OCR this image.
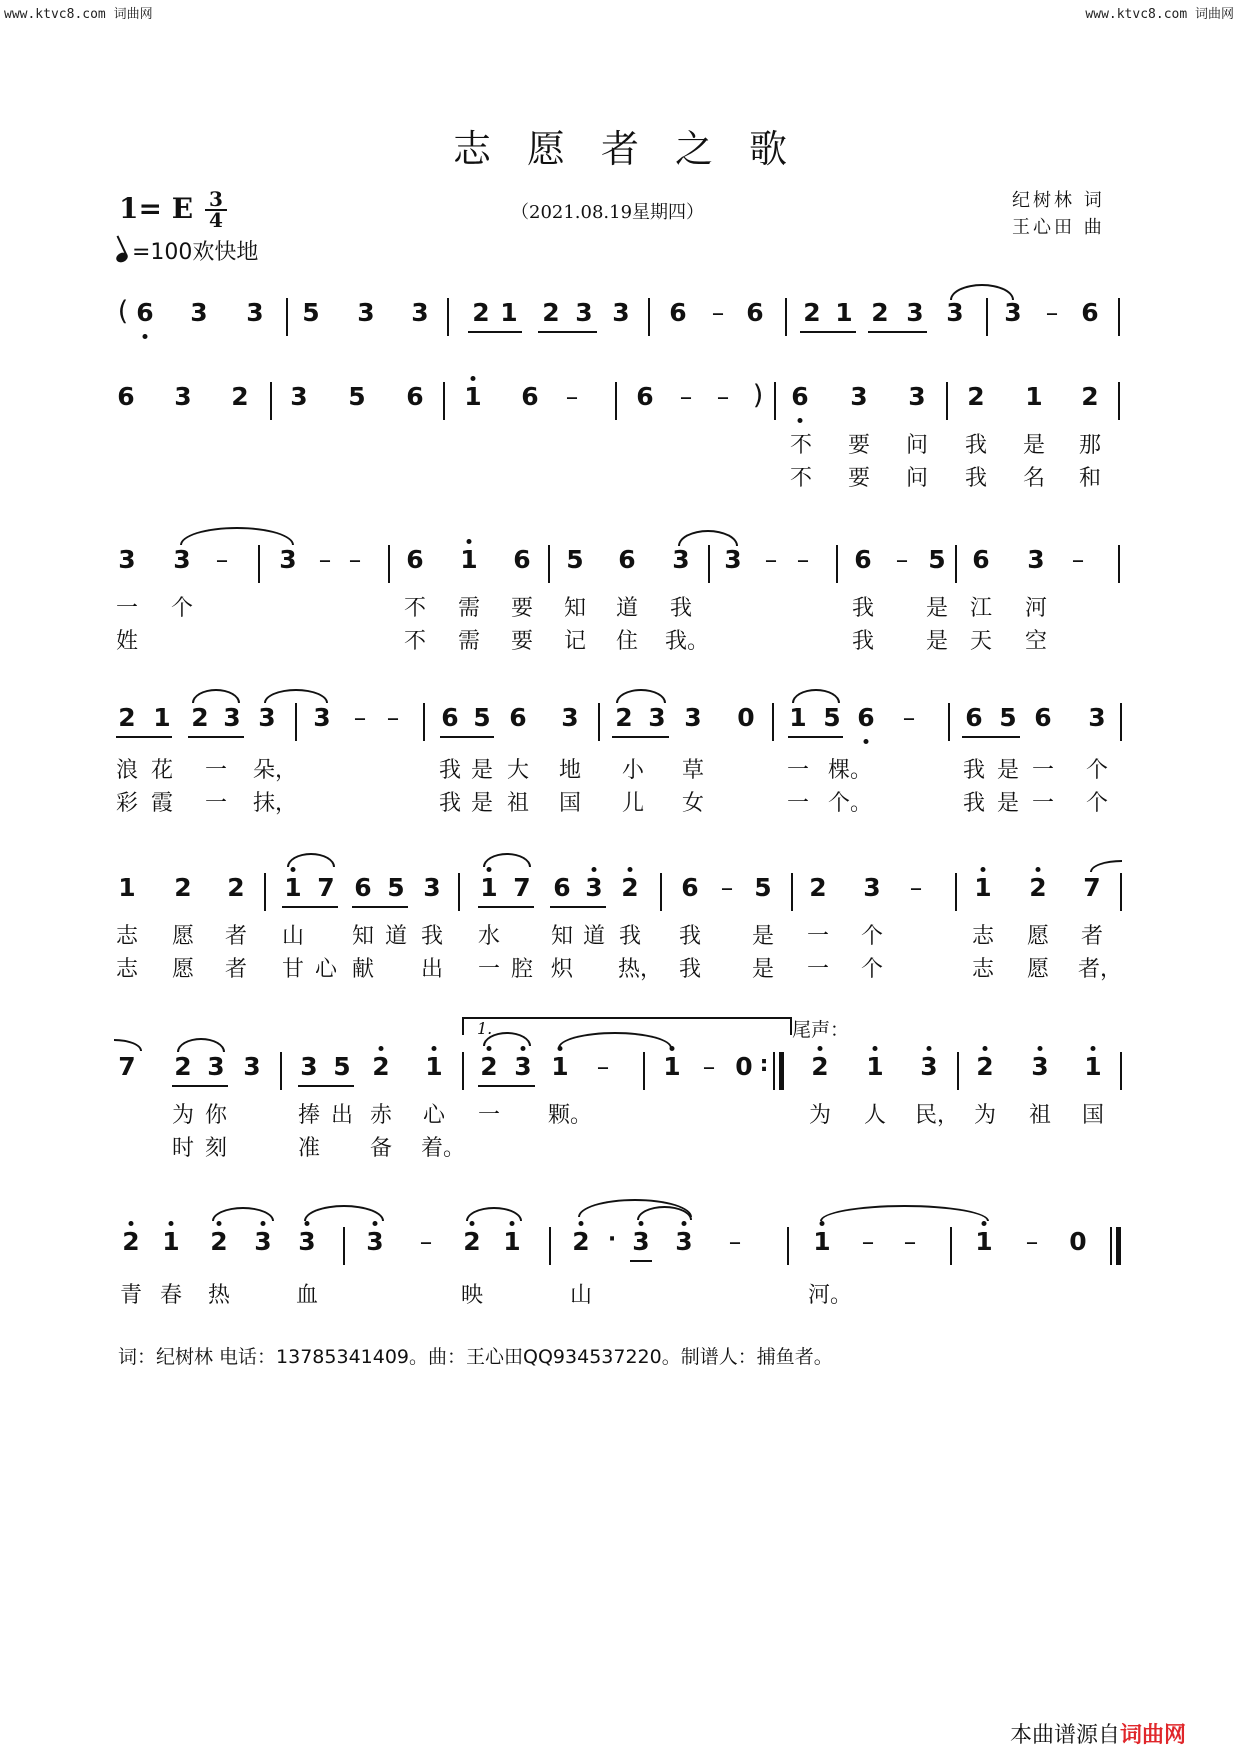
www.ktvc8.com 词曲网	www.ktvc8.com 词曲网
志愿者之歌
1= E $\frac{3}{4}$
=100欢快地
（2021.08.19星期四）
纪树林 词
王心田 曲
( 6 3 3 5 3 3 2 1 2 3 3 6 – 6 2 1 2 3 3 3 – 6
6 3 2 3 5 6 1 6 – 6 – – ) 6 3 3 2 1 2
不 要 问 我 是 那
不 要 问 我 名 和
3 3 – 3 – – 6 1 6 5 6 3 3 – – 6 – 5 6 3 –
一 个	不 需 要 知 道 我	我 是 江 河
姓	不 需 要 记 住 我。	我 是 天 空
2 1 2 3 3 3 – – 6 5 6 3 2 3 3 0 1 5 6 – 6 5 6 3
浪 花 一 朵，	我 是 大 地 小 草	一 棵。	我 是 一 个
彩 霞 一 抹，	我 是 祖 国 儿 女	一 个。	我 是 一 个
1 2 2 1 7 6 5 3 1 7 6 3 2 6 – 5 2 3 – 1 2 7
志 愿 者 山 知 道 我 水 知 道 我 我 是 一 个	志 愿 者
志 愿 者 甘 心 献 出 一 腔 炽 热， 我 是 一 个	志 愿 者，
1.	尾声：
7 2 3 3 3 5 2 1 2 3 1 – 1 – 0 : 2 1 3 2 3 1
为 你	捧 出 赤 心 一 颗。	为 人 民， 为 祖 国
时 刻	准 备 着。
2 1 2 3 3 3 – 2 1 2 · 3 3 –	1 – – 1 – 0
青 春 热	血	映	山	河。
词：纪树林 电话：13785341409。曲：王心田QQ934537220。制谱人：捕鱼者。
本曲谱源自词曲网
